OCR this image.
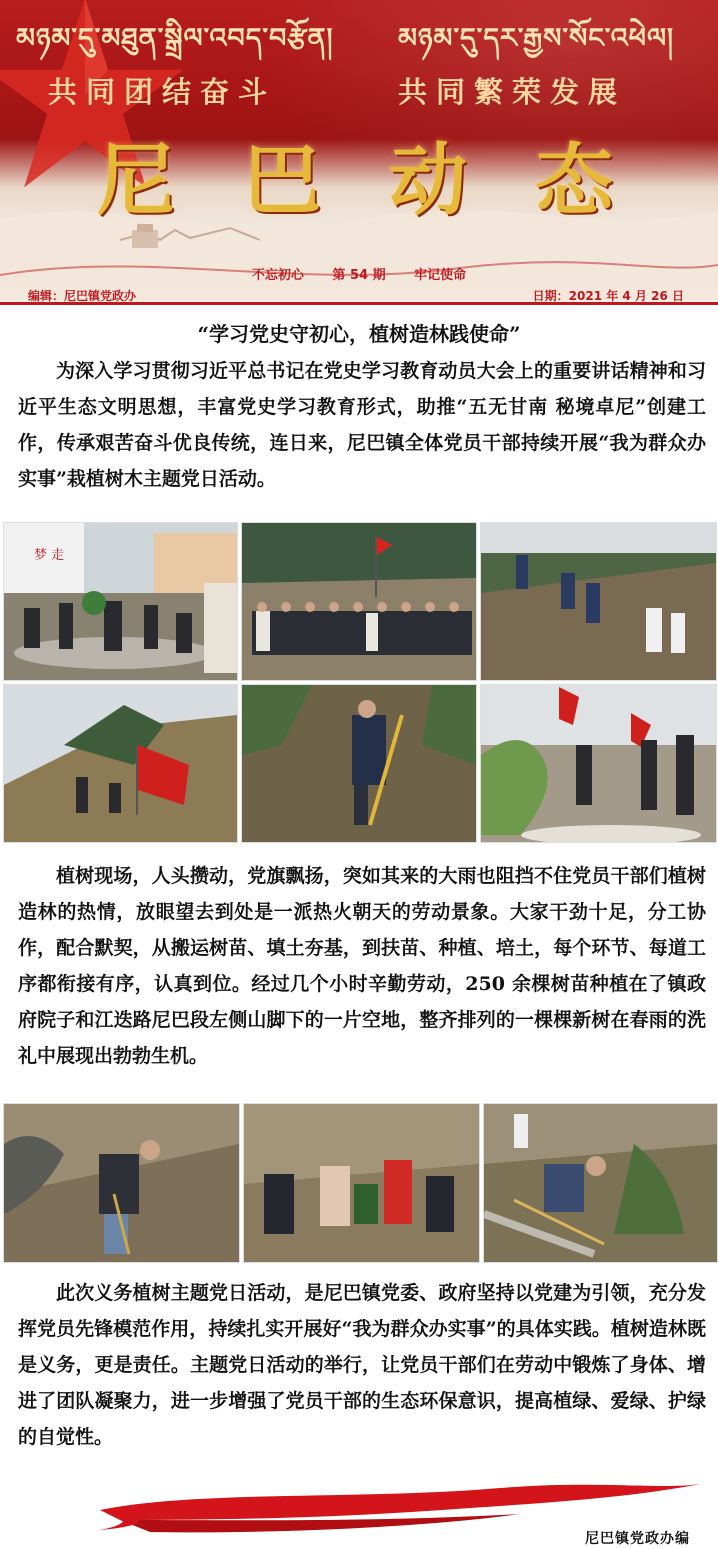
མཉམ་དུ་མཐུན་སྒྲིལ་འབད་བརྩོན། མཉམ་དུ་དར་རྒྱས་སོང་འཕེལ།
共同团结奋斗	共同繁荣发展
尼巴动态
不忘初心 第 54 期 牢记使命
编辑：尼巴镇党政办	日期：2021 年 4 月 26 日
“学习党史守初心，植树造林践使命”
为深入学习贯彻习近平总书记在党史学习教育动员大会上的重要讲话精神和习近平生态文明思想，丰富党史学习教育形式，助推“五无甘南 秘境卓尼”创建工作，传承艰苦奋斗优良传统，连日来，尼巴镇全体党员干部持续开展“我为群众办实事”栽植树木主题党日活动。
梦 走
植树现场，人头攒动，党旗飘扬，突如其来的大雨也阻挡不住党员干部们植树造林的热情，放眼望去到处是一派热火朝天的劳动景象。大家干劲十足，分工协作，配合默契，从搬运树苗、填土夯基，到扶苗、种植、培土，每个环节、每道工序都衔接有序，认真到位。经过几个小时辛勤劳动，250 余棵树苗种植在了镇政府院子和江迭路尼巴段左侧山脚下的一片空地，整齐排列的一棵棵新树在春雨的洗礼中展现出勃勃生机。
此次义务植树主题党日活动，是尼巴镇党委、政府坚持以党建为引领，充分发挥党员先锋模范作用，持续扎实开展好“我为群众办实事”的具体实践。植树造林既是义务，更是责任。主题党日活动的举行，让党员干部们在劳动中锻炼了身体、增进了团队凝聚力，进一步增强了党员干部的生态环保意识，提高植绿、爱绿、护绿的自觉性。
尼巴镇党政办编
